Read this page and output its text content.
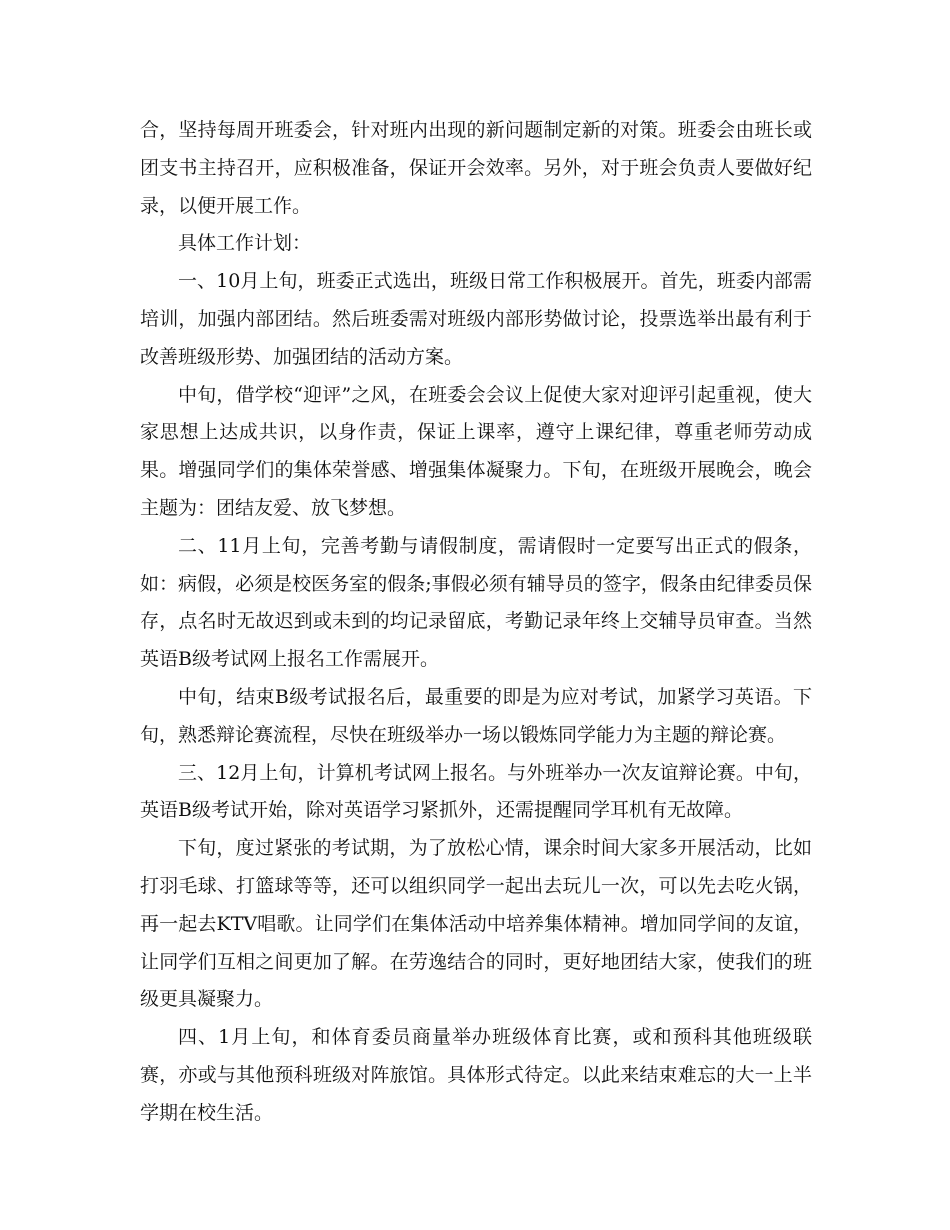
合，坚持每周开班委会，针对班内出现的新问题制定新的对策。班委会由班长或团支书主持召开，应积极准备，保证开会效率。另外，对于班会负责人要做好纪录，以便开展工作。

具体工作计划：

一、10月上旬，班委正式选出，班级日常工作积极展开。首先，班委内部需培训，加强内部团结。然后班委需对班级内部形势做讨论，投票选举出最有利于改善班级形势、加强团结的活动方案。

中旬，借学校“迎评”之风，在班委会会议上促使大家对迎评引起重视，使大家思想上达成共识，以身作责，保证上课率，遵守上课纪律，尊重老师劳动成果。增强同学们的集体荣誉感、增强集体凝聚力。下旬，在班级开展晚会，晚会主题为：团结友爱、放飞梦想。

二、11月上旬，完善考勤与请假制度，需请假时一定要写出正式的假条，如：病假，必须是校医务室的假条;事假必须有辅导员的签字，假条由纪律委员保存，点名时无故迟到或未到的均记录留底，考勤记录年终上交辅导员审查。当然英语B级考试网上报名工作需展开。

中旬，结束B级考试报名后，最重要的即是为应对考试，加紧学习英语。下旬，熟悉辩论赛流程，尽快在班级举办一场以锻炼同学能力为主题的辩论赛。

三、12月上旬，计算机考试网上报名。与外班举办一次友谊辩论赛。中旬，英语B级考试开始，除对英语学习紧抓外，还需提醒同学耳机有无故障。

下旬，度过紧张的考试期，为了放松心情，课余时间大家多开展活动，比如打羽毛球、打篮球等等，还可以组织同学一起出去玩儿一次，可以先去吃火锅，再一起去KTV唱歌。让同学们在集体活动中培养集体精神。增加同学间的友谊，让同学们互相之间更加了解。在劳逸结合的同时，更好地团结大家，使我们的班级更具凝聚力。

四、1月上旬，和体育委员商量举办班级体育比赛，或和预科其他班级联赛，亦或与其他预科班级对阵旅馆。具体形式待定。以此来结束难忘的大一上半学期在校生活。
